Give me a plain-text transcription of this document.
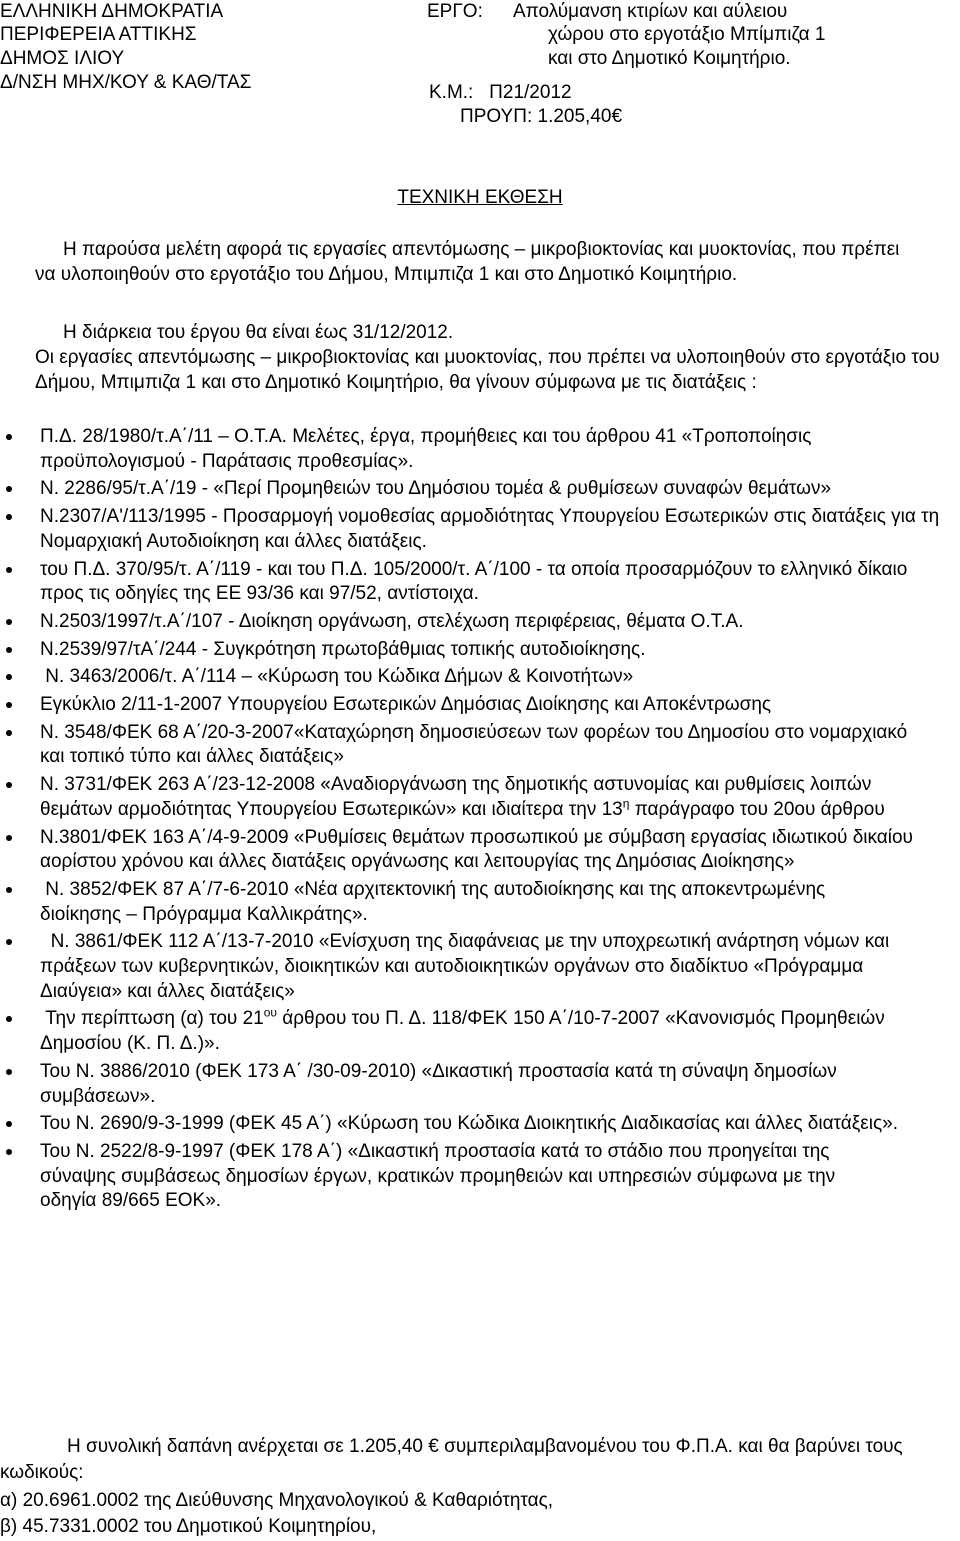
ΕΛΛΗΝΙΚΗ ΔΗΜΟΚΡΑΤΙΑ
ΠΕΡΙΦΕΡΕΙΑ ΑΤΤΙΚΗΣ
ΔΗΜΟΣ ΙΛΙΟΥ
Δ/ΝΣΗ ΜΗΧ/ΚΟΥ & ΚΑΘ/ΤΑΣ
ΕΡΓΟ: Απολύμανση κτιρίων και αύλειου
χώρου στο εργοτάξιο Μπίμπιζα 1
και στο Δημοτικό Κοιμητήριο.
Κ.Μ.:   Π21/2012
ΠΡΟΥΠ: 1.205,40€
ΤΕΧΝΙΚΗ ΕΚΘΕΣΗ
Η παρούσα μελέτη αφορά τις εργασίες απεντόμωσης – μικροβιοκτονίας και μυοκτονίας, που πρέπει να υλοποιηθούν στο εργοτάξιο του Δήμου, Μπιμπιζα 1 και στο Δημοτικό Κοιμητήριο.
Η διάρκεια του έργου θα είναι έως 31/12/2012.
Οι εργασίες απεντόμωσης – μικροβιοκτονίας και μυοκτονίας, που πρέπει να υλοποιηθούν στο εργοτάξιο του Δήμου, Μπιμπιζα 1 και στο Δημοτικό Κοιμητήριο, θα γίνουν σύμφωνα με τις διατάξεις :
Π.Δ. 28/1980/τ.Α΄/11 – Ο.Τ.Α. Μελέτες, έργα, προμήθειες και του άρθρου 41 «Τροποποίησις προϋπολογισμού - Παράτασις προθεσμίας».
Ν. 2286/95/τ.Α΄/19 - «Περί Προμηθειών του Δημόσιου τομέα & ρυθμίσεων συναφών θεμάτων»
Ν.2307/Α'/113/1995 - Προσαρμογή νομοθεσίας αρμοδιότητας Υπουργείου Εσωτερικών στις διατάξεις για τη Νομαρχιακή Αυτοδιοίκηση και άλλες διατάξεις.
του Π.Δ. 370/95/τ. Α΄/119 - και του Π.Δ. 105/2000/τ. Α΄/100 - τα οποία προσαρμόζουν το ελληνικό δίκαιο προς τις οδηγίες της ΕΕ 93/36 και 97/52, αντίστοιχα.
Ν.2503/1997/τ.Α΄/107 - Διοίκηση οργάνωση, στελέχωση περιφέρειας, θέματα Ο.Τ.Α.
Ν.2539/97/τΑ΄/244 - Συγκρότηση πρωτοβάθμιας τοπικής αυτοδιοίκησης.
Ν. 3463/2006/τ. Α΄/114 – «Κύρωση του Κώδικα Δήμων & Κοινοτήτων»
Εγκύκλιο 2/11-1-2007 Υπουργείου Εσωτερικών Δημόσιας Διοίκησης και Αποκέντρωσης
Ν. 3548/ΦΕΚ 68 Α΄/20-3-2007«Καταχώρηση δημοσιεύσεων των φορέων του Δημοσίου στο νομαρχιακό και τοπικό τύπο και άλλες διατάξεις»
Ν. 3731/ΦΕΚ 263 Α΄/23-12-2008 «Αναδιοργάνωση της δημοτικής αστυνομίας και ρυθμίσεις λοιπών θεμάτων αρμοδιότητας Υπουργείου Εσωτερικών» και ιδιαίτερα την $13^\eta$ παράγραφο του 20ου άρθρου
Ν.3801/ΦΕΚ 163 Α΄/4-9-2009 «Ρυθμίσεις θεμάτων προσωπικού με σύμβαση εργασίας ιδιωτικού δικαίου αορίστου χρόνου και άλλες διατάξεις οργάνωσης και λειτουργίας της Δημόσιας Διοίκησης»
Ν. 3852/ΦΕΚ 87 Α΄/7-6-2010 «Νέα αρχιτεκτονική της αυτοδιοίκησης και της αποκεντρωμένης διοίκησης – Πρόγραμμα Καλλικράτης».
Ν. 3861/ΦΕΚ 112 Α΄/13-7-2010 «Ενίσχυση της διαφάνειας με την υποχρεωτική ανάρτηση νόμων και πράξεων των κυβερνητικών, διοικητικών και αυτοδιοικητικών οργάνων στο διαδίκτυο «Πρόγραμμα Διαύγεια» και άλλες διατάξεις»
Την περίπτωση (α) του $21^{o\upsilon}$ άρθρου του Π. Δ. 118/ΦΕΚ 150 Α΄/10-7-2007 «Κανονισμός Προμηθειών Δημοσίου (Κ. Π. Δ.)».
Του Ν. 3886/2010 (ΦΕΚ 173 Α΄ /30-09-2010) «Δικαστική προστασία κατά τη σύναψη δημοσίων συμβάσεων».
Του Ν. 2690/9-3-1999 (ΦΕΚ 45 Α΄) «Κύρωση του Κώδικα Διοικητικής Διαδικασίας και άλλες διατάξεις».
Του Ν. 2522/8-9-1997 (ΦΕΚ 178 Α΄) «Δικαστική προστασία κατά το στάδιο που προηγείται της σύναψης συμβάσεως δημοσίων έργων, κρατικών προμηθειών και υπηρεσιών σύμφωνα με την οδηγία 89/665 ΕΟΚ».
Η συνολική δαπάνη ανέρχεται σε 1.205,40 € συμπεριλαμβανομένου του Φ.Π.Α. και θα βαρύνει τους κωδικούς:
α) 20.6961.0002 της Διεύθυνσης Μηχανολογικού & Καθαριότητας,
β) 45.7331.0002 του Δημοτικού Κοιμητηρίου,
